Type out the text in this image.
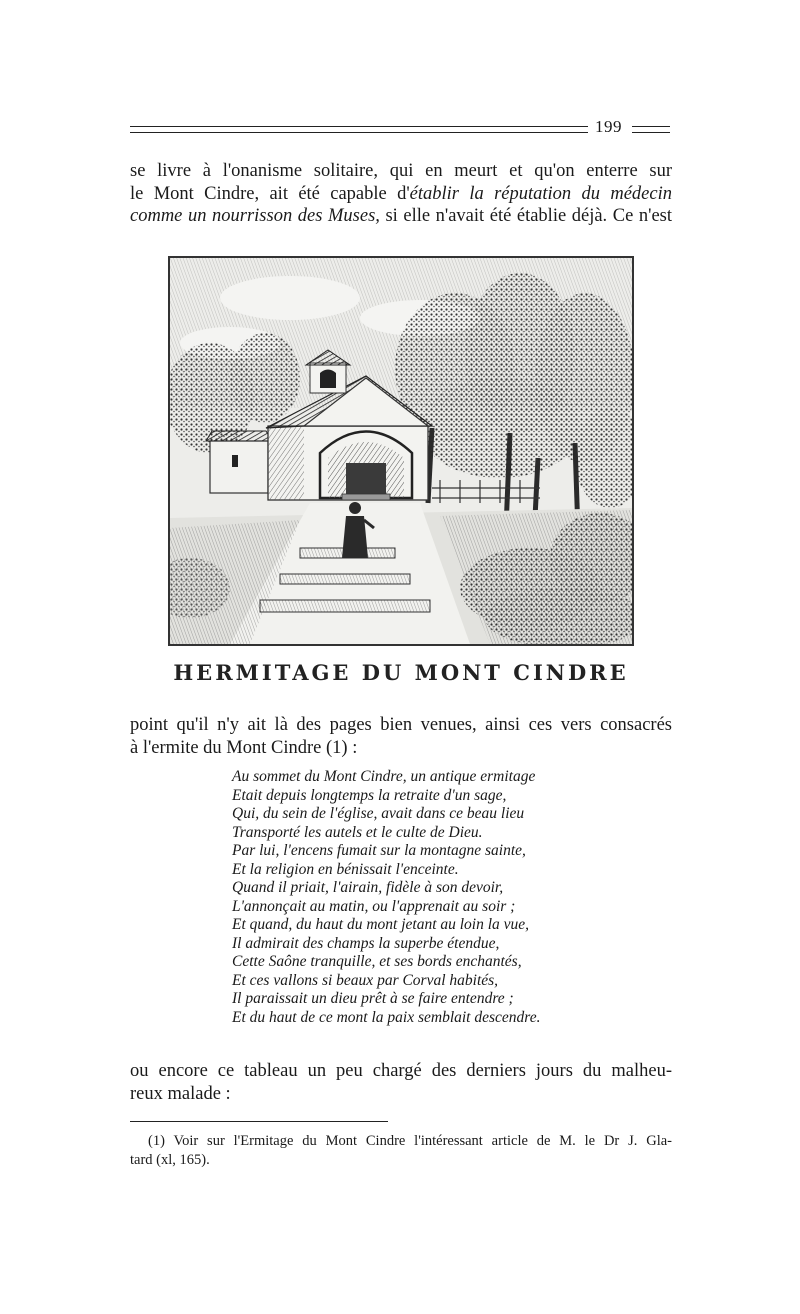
199
se livre à l'onanisme solitaire, qui en meurt et qu'on enterre sur
le Mont Cindre, ait été capable d'établir la réputation du médecin
comme un nourrisson des Muses, si elle n'avait été établie déjà. Ce n'est
HERMITAGE DU MONT CINDRE
point qu'il n'y ait là des pages bien venues, ainsi ces vers consacrés
à l'ermite du Mont Cindre (1) :
Au sommet du Mont Cindre, un antique ermitage
Etait depuis longtemps la retraite d'un sage,
Qui, du sein de l'église, avait dans ce beau lieu
Transporté les autels et le culte de Dieu.
Par lui, l'encens fumait sur la montagne sainte,
Et la religion en bénissait l'enceinte.
Quand il priait, l'airain, fidèle à son devoir,
L'annonçait au matin, ou l'apprenait au soir ;
Et quand, du haut du mont jetant au loin la vue,
Il admirait des champs la superbe étendue,
Cette Saône tranquille, et ses bords enchantés,
Et ces vallons si beaux par Corval habités,
Il paraissait un dieu prêt à se faire entendre ;
Et du haut de ce mont la paix semblait descendre.
ou encore ce tableau un peu chargé des derniers jours du malheu-
reux malade :
(1) Voir sur l'Ermitage du Mont Cindre l'intéressant article de M. le Dr J. Gla-
tard (xl, 165).
